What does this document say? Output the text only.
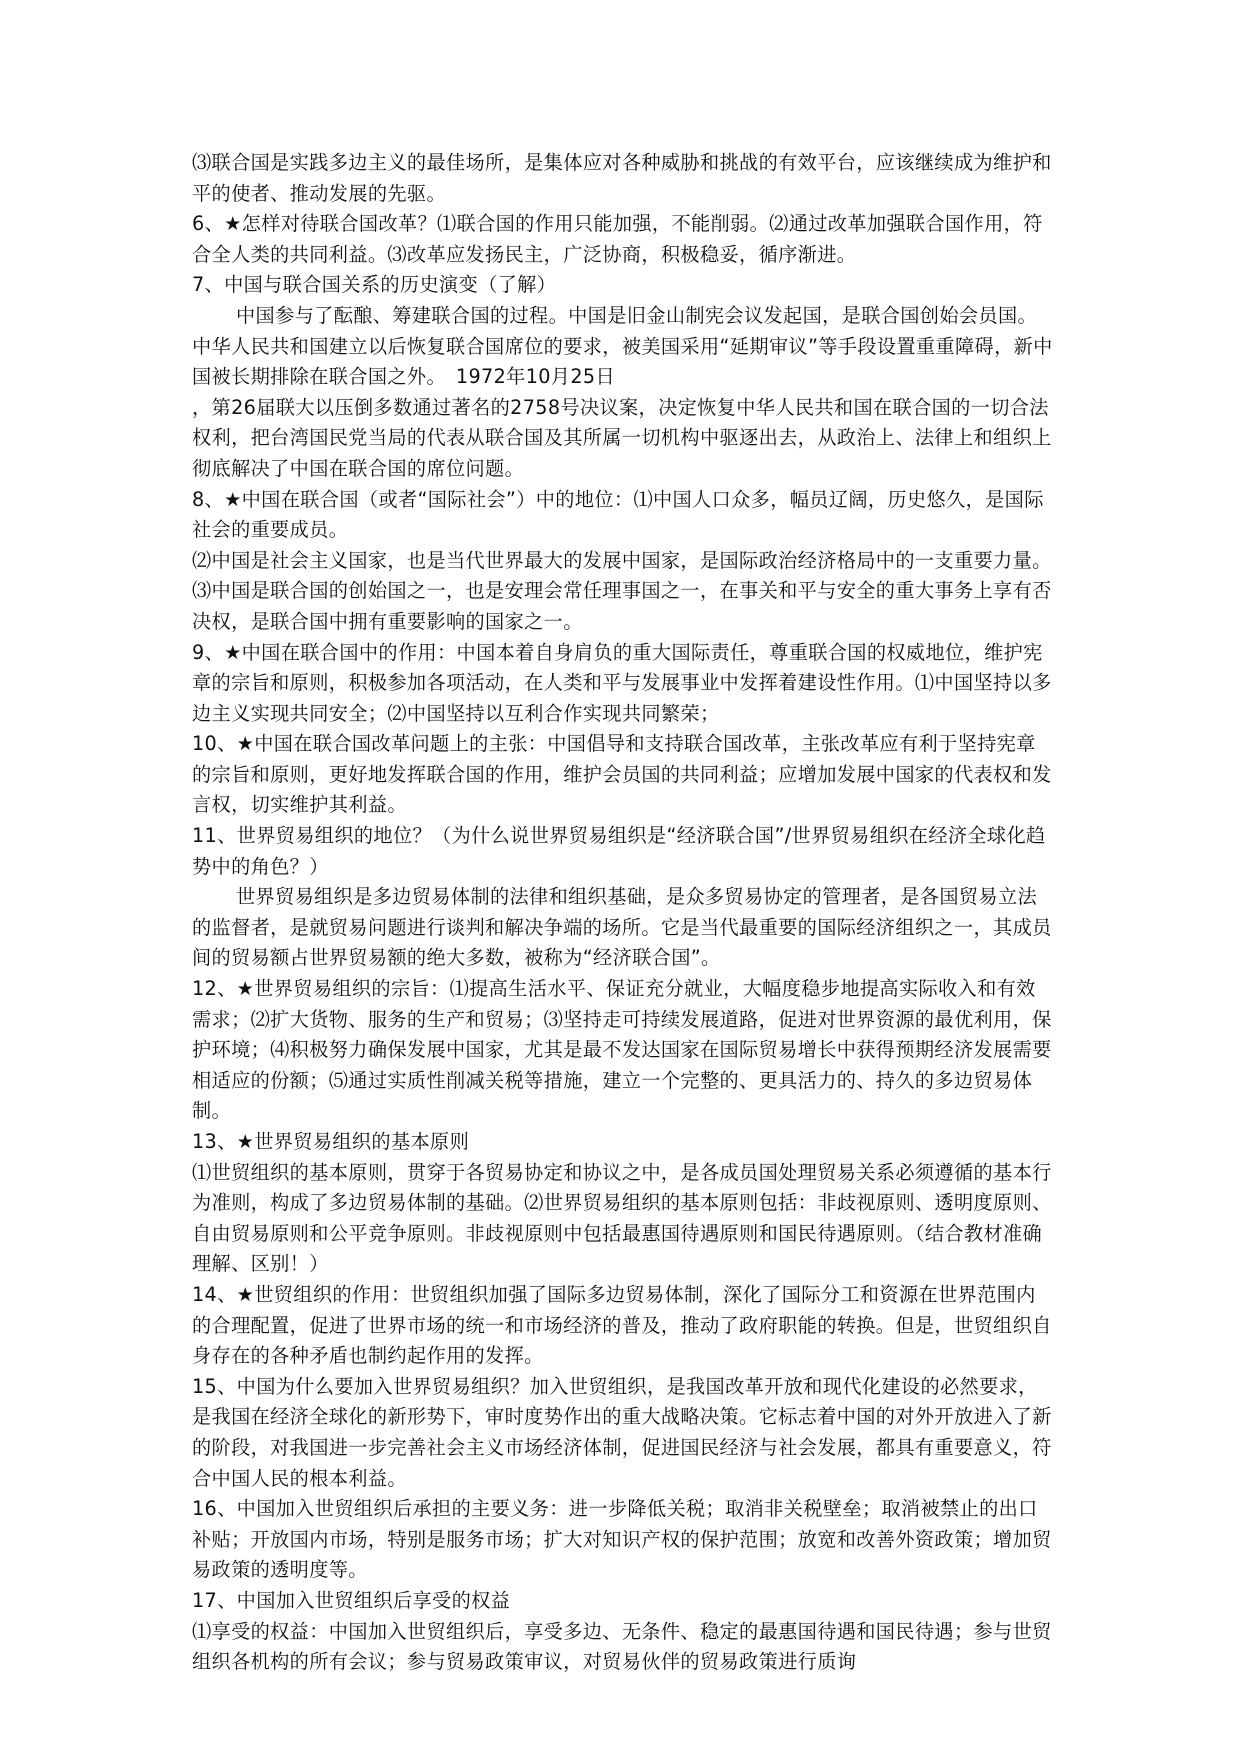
⑶联合国是实践多边主义的最佳场所，是集体应对各种威胁和挑战的有效平台，应该继续成为维护和平的使者、推动发展的先驱。

6、★怎样对待联合国改革？⑴联合国的作用只能加强，不能削弱。⑵通过改革加强联合国作用，符合全人类的共同利益。⑶改革应发扬民主，广泛协商，积极稳妥，循序渐进。

7、中国与联合国关系的历史演变（了解）

中国参与了酝酿、筹建联合国的过程。中国是旧金山制宪会议发起国，是联合国创始会员国。中华人民共和国建立以后恢复联合国席位的要求，被美国采用“延期审议”等手段设置重重障碍，新中国被长期排除在联合国之外。　1972年10月25日

，第26届联大以压倒多数通过著名的2758号决议案，决定恢复中华人民共和国在联合国的一切合法权利，把台湾国民党当局的代表从联合国及其所属一切机构中驱逐出去，从政治上、法律上和组织上彻底解决了中国在联合国的席位问题。

8、★中国在联合国（或者“国际社会”）中的地位：⑴中国人口众多，幅员辽阔，历史悠久，是国际社会的重要成员。

⑵中国是社会主义国家，也是当代世界最大的发展中国家，是国际政治经济格局中的一支重要力量。⑶中国是联合国的创始国之一，也是安理会常任理事国之一，在事关和平与安全的重大事务上享有否决权，是联合国中拥有重要影响的国家之一。

9、★中国在联合国中的作用：中国本着自身肩负的重大国际责任，尊重联合国的权威地位，维护宪章的宗旨和原则，积极参加各项活动，在人类和平与发展事业中发挥着建设性作用。⑴中国坚持以多边主义实现共同安全；⑵中国坚持以互利合作实现共同繁荣；

10、★中国在联合国改革问题上的主张：中国倡导和支持联合国改革，主张改革应有利于坚持宪章的宗旨和原则，更好地发挥联合国的作用，维护会员国的共同利益；应增加发展中国家的代表权和发言权，切实维护其利益。

11、世界贸易组织的地位？（为什么说世界贸易组织是“经济联合国”/世界贸易组织在经济全球化趋势中的角色？）

世界贸易组织是多边贸易体制的法律和组织基础，是众多贸易协定的管理者，是各国贸易立法的监督者，是就贸易问题进行谈判和解决争端的场所。它是当代最重要的国际经济组织之一，其成员间的贸易额占世界贸易额的绝大多数，被称为“经济联合国”。

12、★世界贸易组织的宗旨：⑴提高生活水平、保证充分就业，大幅度稳步地提高实际收入和有效需求；⑵扩大货物、服务的生产和贸易；⑶坚持走可持续发展道路，促进对世界资源的最优利用，保护环境；⑷积极努力确保发展中国家，尤其是最不发达国家在国际贸易增长中获得预期经济发展需要相适应的份额；⑸通过实质性削减关税等措施，建立一个完整的、更具活力的、持久的多边贸易体制。

13、★世界贸易组织的基本原则

⑴世贸组织的基本原则，贯穿于各贸易协定和协议之中，是各成员国处理贸易关系必须遵循的基本行为准则，构成了多边贸易体制的基础。⑵世界贸易组织的基本原则包括：非歧视原则、透明度原则、自由贸易原则和公平竞争原则。非歧视原则中包括最惠国待遇原则和国民待遇原则。（结合教材准确理解、区别！）

14、★世贸组织的作用：世贸组织加强了国际多边贸易体制，深化了国际分工和资源在世界范围内的合理配置，促进了世界市场的统一和市场经济的普及，推动了政府职能的转换。但是，世贸组织自身存在的各种矛盾也制约起作用的发挥。

15、中国为什么要加入世界贸易组织？加入世贸组织，是我国改革开放和现代化建设的必然要求，是我国在经济全球化的新形势下，审时度势作出的重大战略决策。它标志着中国的对外开放进入了新的阶段，对我国进一步完善社会主义市场经济体制，促进国民经济与社会发展，都具有重要意义，符合中国人民的根本利益。

16、中国加入世贸组织后承担的主要义务：进一步降低关税；取消非关税壁垒；取消被禁止的出口补贴；开放国内市场，特别是服务市场；扩大对知识产权的保护范围；放宽和改善外资政策；增加贸易政策的透明度等。

17、中国加入世贸组织后享受的权益

⑴享受的权益：中国加入世贸组织后，享受多边、无条件、稳定的最惠国待遇和国民待遇；参与世贸组织各机构的所有会议；参与贸易政策审议，对贸易伙伴的贸易政策进行质询
